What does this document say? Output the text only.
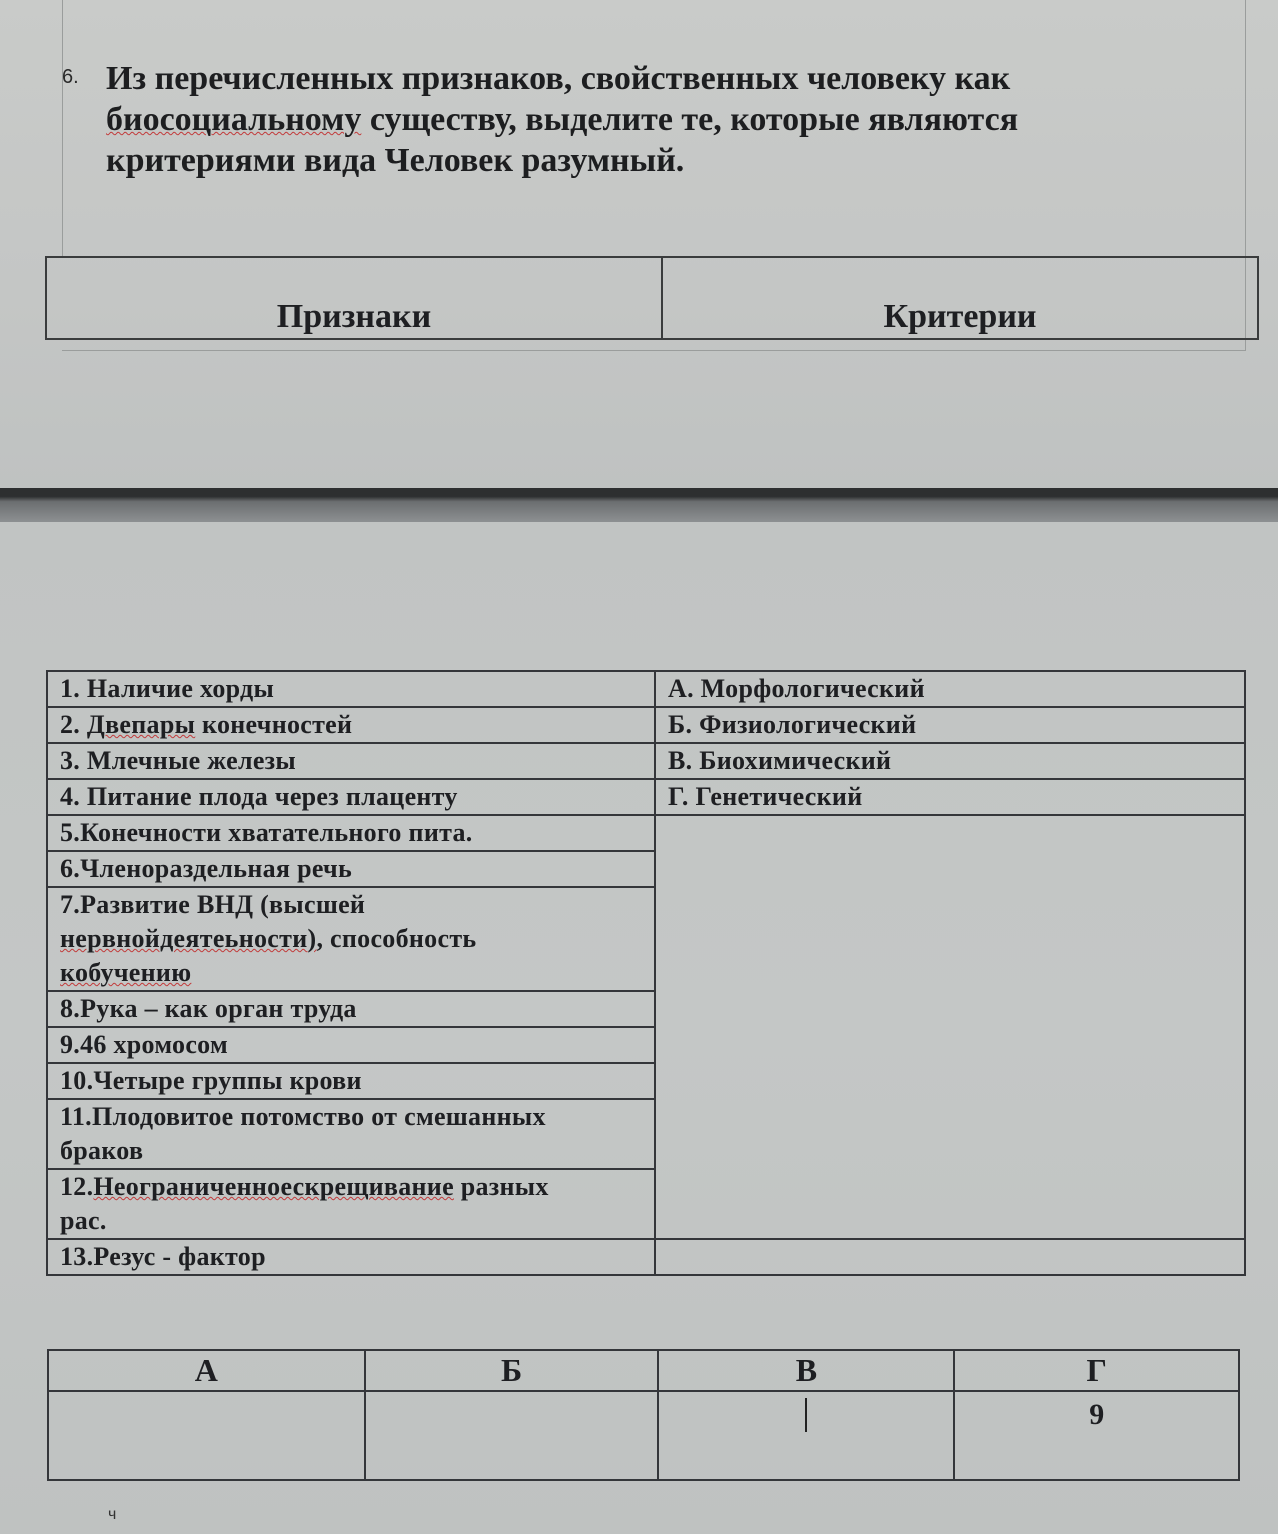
6. Из перечисленных признаков, свойственных человеку как
биосоциальному существу, выделите те, которые являются
критериями вида Человек разумный.
Признаки	Критерии
1. Наличие хорды	А. Морфологический
2. Двепары конечностей	Б. Физиологический
3. Млечные железы	В. Биохимический
4. Питание плода через плаценту	Г. Генетический
5.Конечности хватательного пита.	
6.Членораздельная речь	

7.Развитие ВНД (высшей
нервнойдеятеьности), способность
кобучению	

8.Рука – как орган труда	
9.46 хромосом	
10.Четыре группы крови	

11.Плодовитое потомство от смешанных
браков	

12.Неограниченноескрещивание разных
рас.	

13.Резус - фактор	
А	Б	В	Г
			9
ч
